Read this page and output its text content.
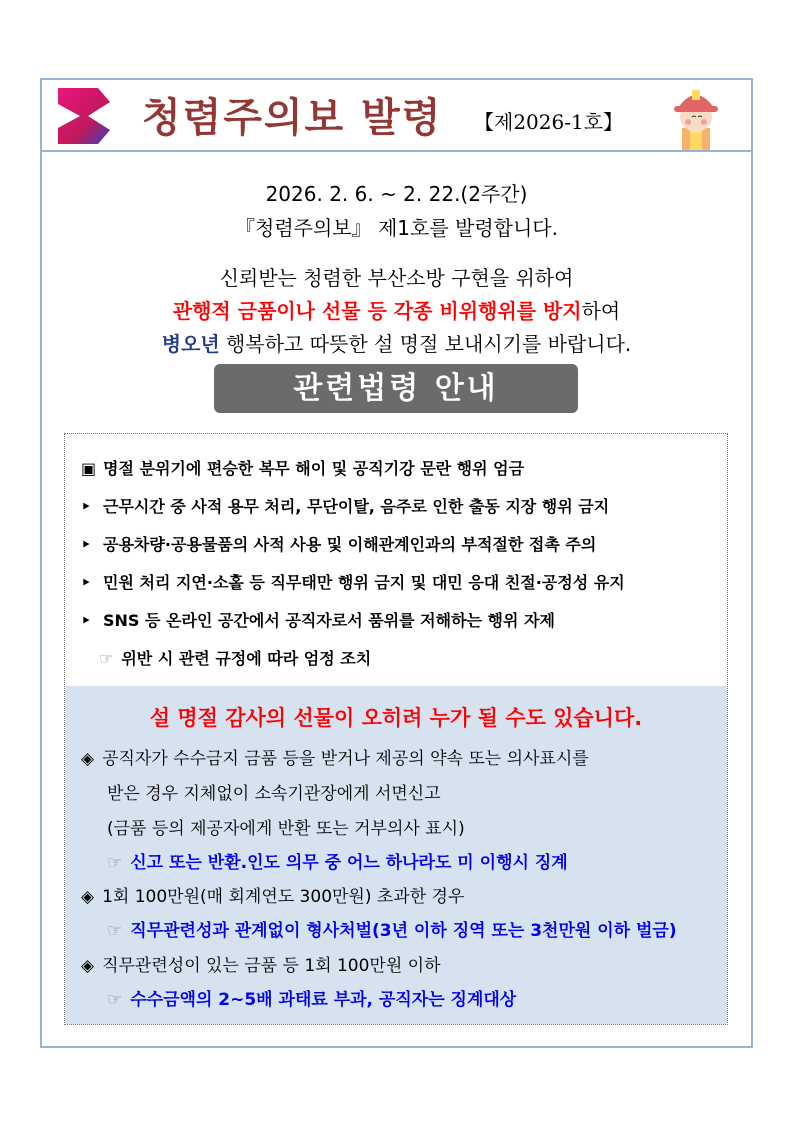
청렴주의보 발령 【제2026-1호】
2026. 2. 6. ~ 2. 22.(2주간)
『청렴주의보』 제1호를 발령합니다.
신뢰받는 청렴한 부산소방 구현을 위하여
관행적 금품이나 선물 등 각종 비위행위를 방지하여
병오년 행복하고 따뜻한 설 명절 보내시기를 바랍니다.
관련법령 안내
▣ 명절 분위기에 편승한 복무 해이 및 공직기강 문란 행위 엄금
‣ 근무시간 중 사적 용무 처리, 무단이탈, 음주로 인한 출동 지장 행위 금지
‣ 공용차량·공용물품의 사적 사용 및 이해관계인과의 부적절한 접촉 주의
‣ 민원 처리 지연·소홀 등 직무태만 행위 금지 및 대민 응대 친절·공정성 유지
‣ SNS 등 온라인 공간에서 공직자로서 품위를 저해하는 행위 자제
☞ 위반 시 관련 규정에 따라 엄정 조치
설 명절 감사의 선물이 오히려 누가 될 수도 있습니다.
◈ 공직자가 수수금지 금품 등을 받거나 제공의 약속 또는 의사표시를
받은 경우 지체없이 소속기관장에게 서면신고
(금품 등의 제공자에게 반환 또는 거부의사 표시)
☞ 신고 또는 반환.인도 의무 중 어느 하나라도 미 이행시 징계
◈ 1회 100만원(매 회계연도 300만원) 초과한 경우
☞ 직무관련성과 관계없이 형사처벌(3년 이하 징역 또는 3천만원 이하 벌금)
◈ 직무관련성이 있는 금품 등 1회 100만원 이하
☞ 수수금액의 2~5배 과태료 부과, 공직자는 징계대상
